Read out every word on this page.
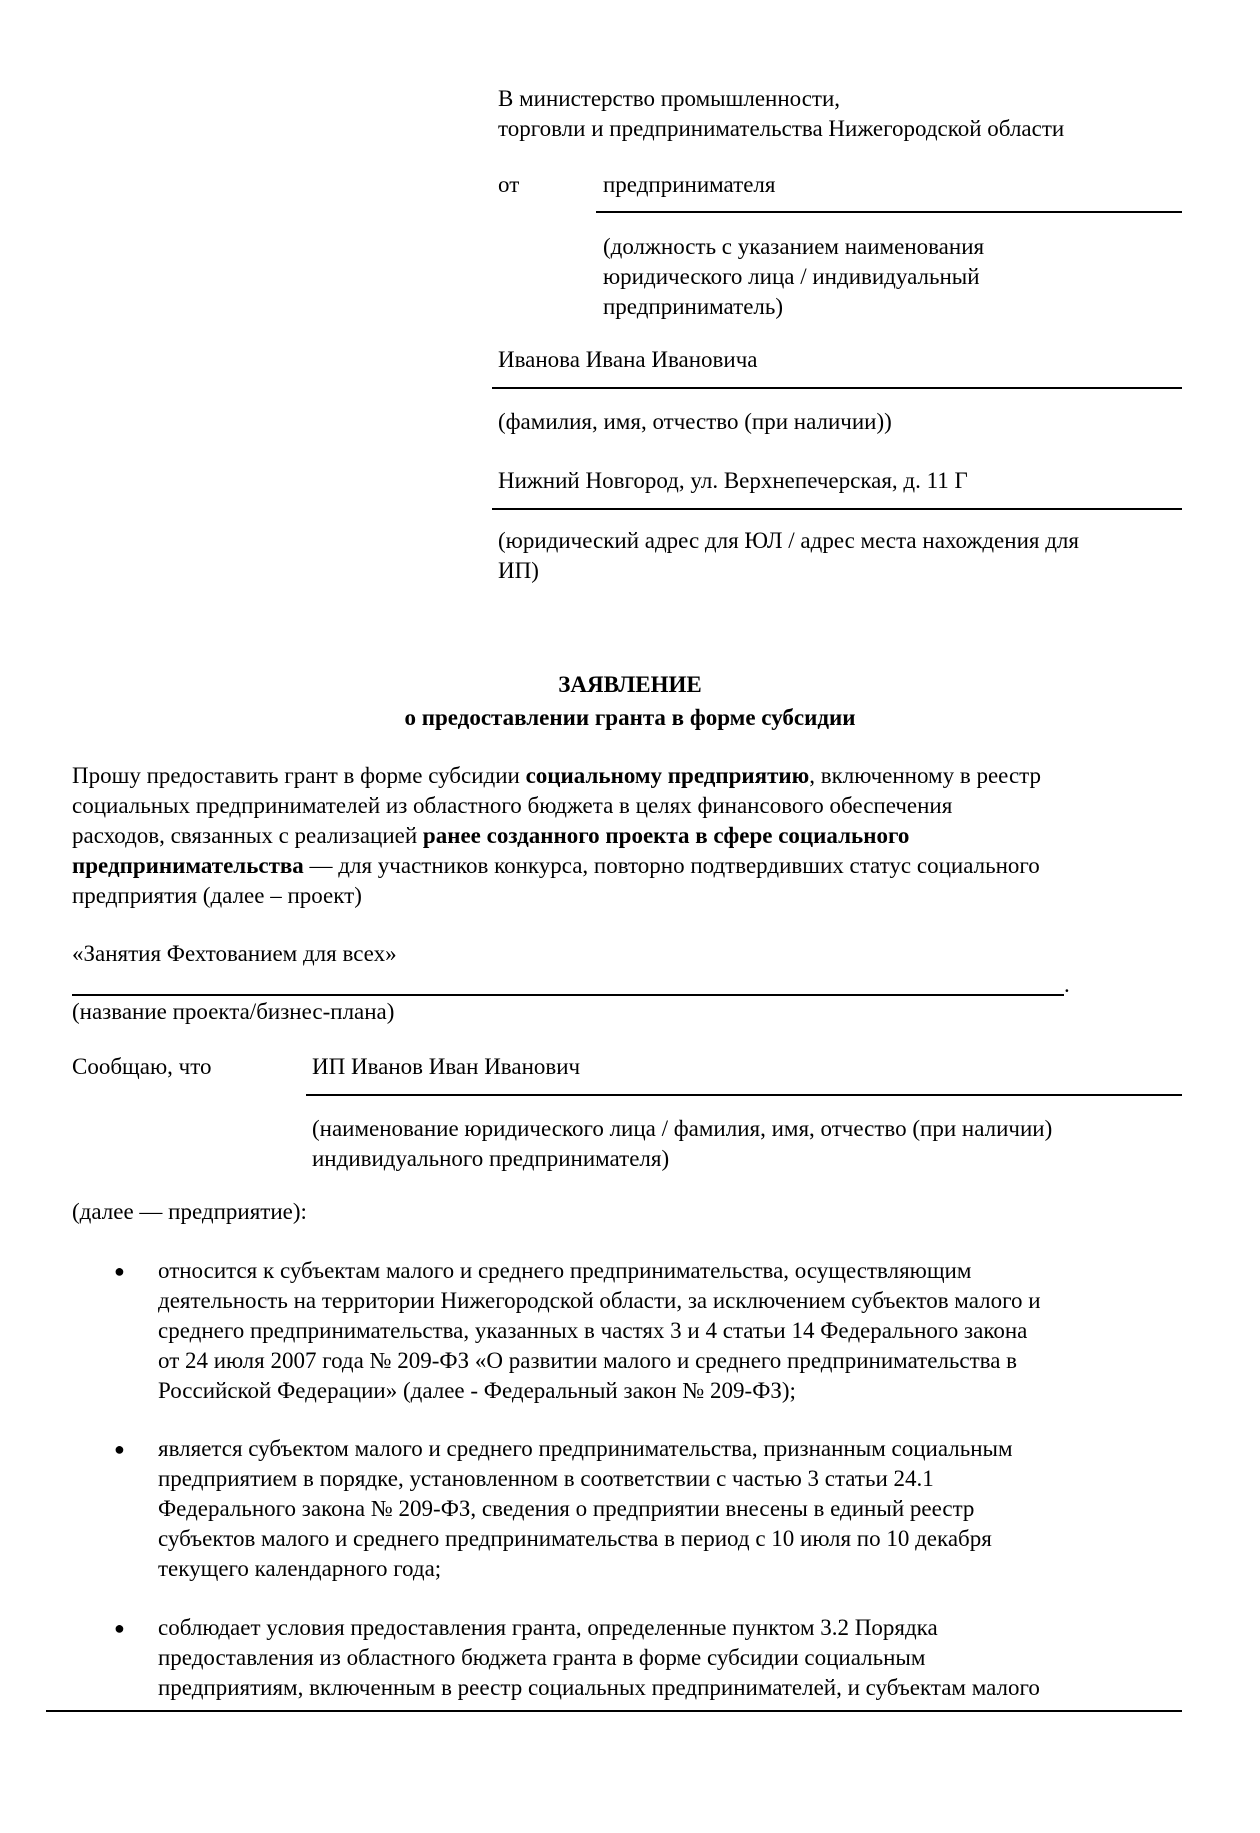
В министерство промышленности,
торговли и предпринимательства Нижегородской области
от	предпринимателя
(должность с указанием наименования
юридического лица / индивидуальный
предприниматель)
Иванова Ивана Ивановича
(фамилия, имя, отчество (при наличии))
Нижний Новгород, ул. Верхнепечерская, д. 11 Г
(юридический адрес для ЮЛ / адрес места нахождения для
ИП)
ЗАЯВЛЕНИЕ
о предоставлении гранта в форме субсидии
Прошу предоставить грант в форме субсидии социальному предприятию, включенному в реестр
социальных предпринимателей из областного бюджета в целях финансового обеспечения
расходов, связанных с реализацией ранее созданного проекта в сфере социального
предпринимательства — для участников конкурса, повторно подтвердивших статус социального
предприятия (далее – проект)
«Занятия Фехтованием для всех»
.
(название проекта/бизнес-плана)
Сообщаю, что	ИП Иванов Иван Иванович
(наименование юридического лица / фамилия, имя, отчество (при наличии)
индивидуального предпринимателя)
(далее — предприятие):
● относится к субъектам малого и среднего предпринимательства, осуществляющим
деятельность на территории Нижегородской области, за исключением субъектов малого и
среднего предпринимательства, указанных в частях 3 и 4 статьи 14 Федерального закона
от 24 июля 2007 года № 209-ФЗ «О развитии малого и среднего предпринимательства в
Российской Федерации» (далее - Федеральный закон № 209-ФЗ);
● является субъектом малого и среднего предпринимательства, признанным социальным
предприятием в порядке, установленном в соответствии с частью 3 статьи 24.1
Федерального закона № 209-ФЗ, сведения о предприятии внесены в единый реестр
субъектов малого и среднего предпринимательства в период с 10 июля по 10 декабря
текущего календарного года;
● соблюдает условия предоставления гранта, определенные пунктом 3.2 Порядка
предоставления из областного бюджета гранта в форме субсидии социальным
предприятиям, включенным в реестр социальных предпринимателей, и субъектам малого
